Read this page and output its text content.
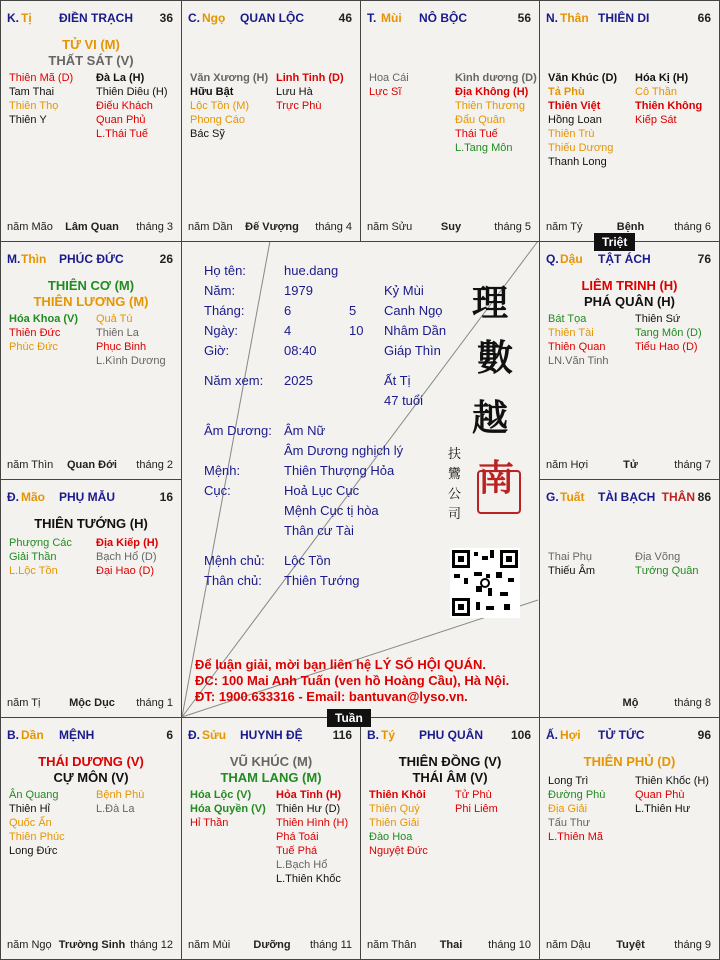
K. Tị ĐIỀN TRẠCH 36
TỬ VI (M)
THẤT SÁT (V)
Thiên Mã (D)
Tam Thai
Thiên Thọ
Thiên Y
Đà La (H)
Thiên Diêu (H)
Điếu Khách
Quan Phủ
L.Thái Tuế
năm Mão	Lâm Quan	tháng 3
C. Ngọ QUAN LỘC	46
Văn Xương (H)
Hữu Bật
Lộc Tồn (M)
Phong Cáo
Bác Sỹ
Linh Tinh (D)
Lưu Hà
Trực Phù
năm Dần	Đế Vượng	tháng 4
T. Mùi NÔ BỘC	56
Hoa Cái
Lực Sĩ
Kình dương (D)
Địa Không (H)
Thiên Thương
Đẩu Quân
Thái Tuế
L.Tang Môn
năm Sửu	Suy	tháng 5
N. Thân THIÊN DI	66
Văn Khúc (D)
Tả Phù
Thiên Việt
Hồng Loan
Thiên Trù
Thiếu Dương
Thanh Long
Hóa Kị (H)
Cô Thần
Thiên Không
Kiếp Sát
năm Tý	Bệnh	tháng 6
M. Thìn PHÚC ĐỨC	26
THIÊN CƠ (M)
THIÊN LƯƠNG (M)
Hóa Khoa (V)
Thiên Đức
Phúc Đức
Quả Tú
Thiên La
Phục Binh
L.Kình Dương
năm Thìn	Quan Đới	tháng 2
Q. Dậu TẬT ÁCH	76
LIÊM TRINH (H)
PHÁ QUÂN (H)
Bát Tọa
Thiên Tài
Thiên Quan
LN.Văn Tinh
Thiên Sứ
Tang Môn (D)
Tiểu Hao (D)
năm Hợi	Tử	tháng 7
Đ. Mão PHỤ MẪU	16
THIÊN TƯỚNG (H)
Phượng Các
Giải Thần
L.Lộc Tồn
Địa Kiếp (H)
Bạch Hổ (D)
Đại Hao (D)
năm Tị	Mộc Dục	tháng 1
G. Tuất TÀI BẠCH THÂN 86
Thai Phụ
Thiếu Âm
Địa Võng
Tướng Quân
Mộ	tháng 8
B. Dần MỆNH	6
THÁI DƯƠNG (V)
CỰ MÔN (V)
Ân Quang
Thiên Hỉ
Quốc Ấn
Thiên Phúc
Long Đức
Bệnh Phù
L.Đà La
năm Ngọ Trường Sinh tháng 12
Đ. Sửu HUYNH ĐỆ 116
VŨ KHÚC (M)
THAM LANG (M)
Hóa Lộc (V)
Hóa Quyền (V)
Hỉ Thần
Hỏa Tinh (H)
Thiên Hư (D)
Thiên Hình (H)
Phá Toái
Tuế Phá
L.Bạch Hổ
L.Thiên Khốc
năm Mùi	Dưỡng	tháng 11
B. Tý PHU QUÂN 106
THIÊN ĐỒNG (V)
THÁI ÂM (V)
Thiên Khôi
Thiên Quý
Thiên Giải
Đào Hoa
Nguyệt Đức
Tử Phù
Phi Liêm
năm Thân	Thai	tháng 10
Ấ. Hợi TỬ TỨC	96
THIÊN PHỦ (D)
Long Trì
Đường Phù
Địa Giải
Tấu Thư
L.Thiên Mã
Thiên Khốc (H)
Quan Phù
L.Thiên Hư
năm Dậu	Tuyệt	tháng 9
Triệt
Tuần
Họ tên:	hue.dang
Năm:	1979	Kỷ Mùi
Tháng:	6	5 Canh Ngọ
Ngày:	4	10 Nhâm Dần
Giờ:	08:40	Giáp Thìn
Năm xem: 2025	Ất Tị
47 tuổi
Âm Dương: Âm Nữ
Âm Dương nghịch lý
Mệnh:	Thiên Thượng Hỏa
Cục:	Hoả Lục Cục
Mệnh Cục tị hòa
Thân cư Tài
Mệnh chủ: Lộc Tồn
Thân chủ: Thiên Tướng
理
數
越
南
扶鸞公司
Để luận giải, mời bạn liên hệ LÝ SỐ HỘI QUÁN.
ĐC: 100 Mai Anh Tuấn (ven hồ Hoàng Cầu), Hà Nội.
ĐT: 1900.633316 - Email: bantuvan@lyso.vn.
